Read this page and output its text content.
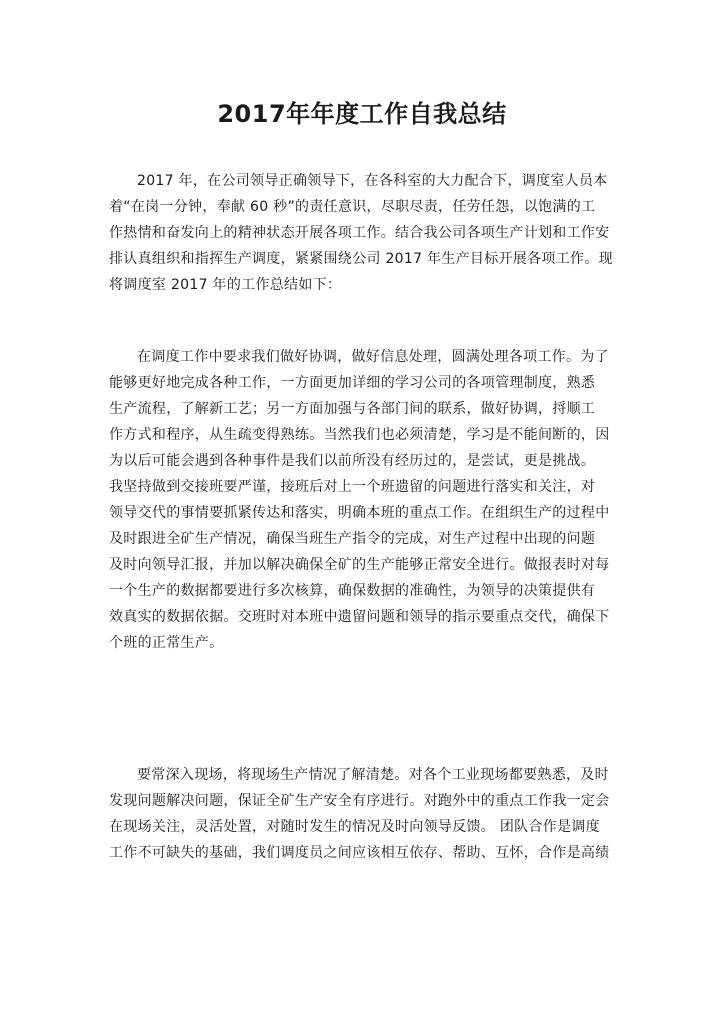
2017年年度工作自我总结
2017 年，在公司领导正确领导下，在各科室的大力配合下，调度室人员本
着“在岗一分钟，奉献 60 秒”的责任意识，尽职尽责，任劳任怨，以饱满的工
作热情和奋发向上的精神状态开展各项工作。结合我公司各项生产计划和工作安
排认真组织和指挥生产调度，紧紧围绕公司 2017 年生产目标开展各项工作。现
将调度室 2017 年的工作总结如下：
在调度工作中要求我们做好协调，做好信息处理，圆满处理各项工作。为了
能够更好地完成各种工作，一方面更加详细的学习公司的各项管理制度，熟悉
生产流程，了解新工艺；另一方面加强与各部门间的联系，做好协调，捋顺工
作方式和程序，从生疏变得熟练。当然我们也必须清楚，学习是不能间断的，因
为以后可能会遇到各种事件是我们以前所没有经历过的，是尝试，更是挑战。
我坚持做到交接班要严谨，接班后对上一个班遗留的问题进行落实和关注，对
领导交代的事情要抓紧传达和落实，明确本班的重点工作。在组织生产的过程中
及时跟进全矿生产情况，确保当班生产指令的完成，对生产过程中出现的问题
及时向领导汇报，并加以解决确保全矿的生产能够正常安全进行。做报表时对每
一个生产的数据都要进行多次核算，确保数据的准确性，为领导的决策提供有
效真实的数据依据。交班时对本班中遗留问题和领导的指示要重点交代，确保下
个班的正常生产。
要常深入现场，将现场生产情况了解清楚。对各个工业现场都要熟悉，及时
发现问题解决问题，保证全矿生产安全有序进行。对跑外中的重点工作我一定会
在现场关注，灵活处置，对随时发生的情况及时向领导反馈。 团队合作是调度
工作不可缺失的基础，我们调度员之间应该相互依存、帮助、互怀，合作是高绩
